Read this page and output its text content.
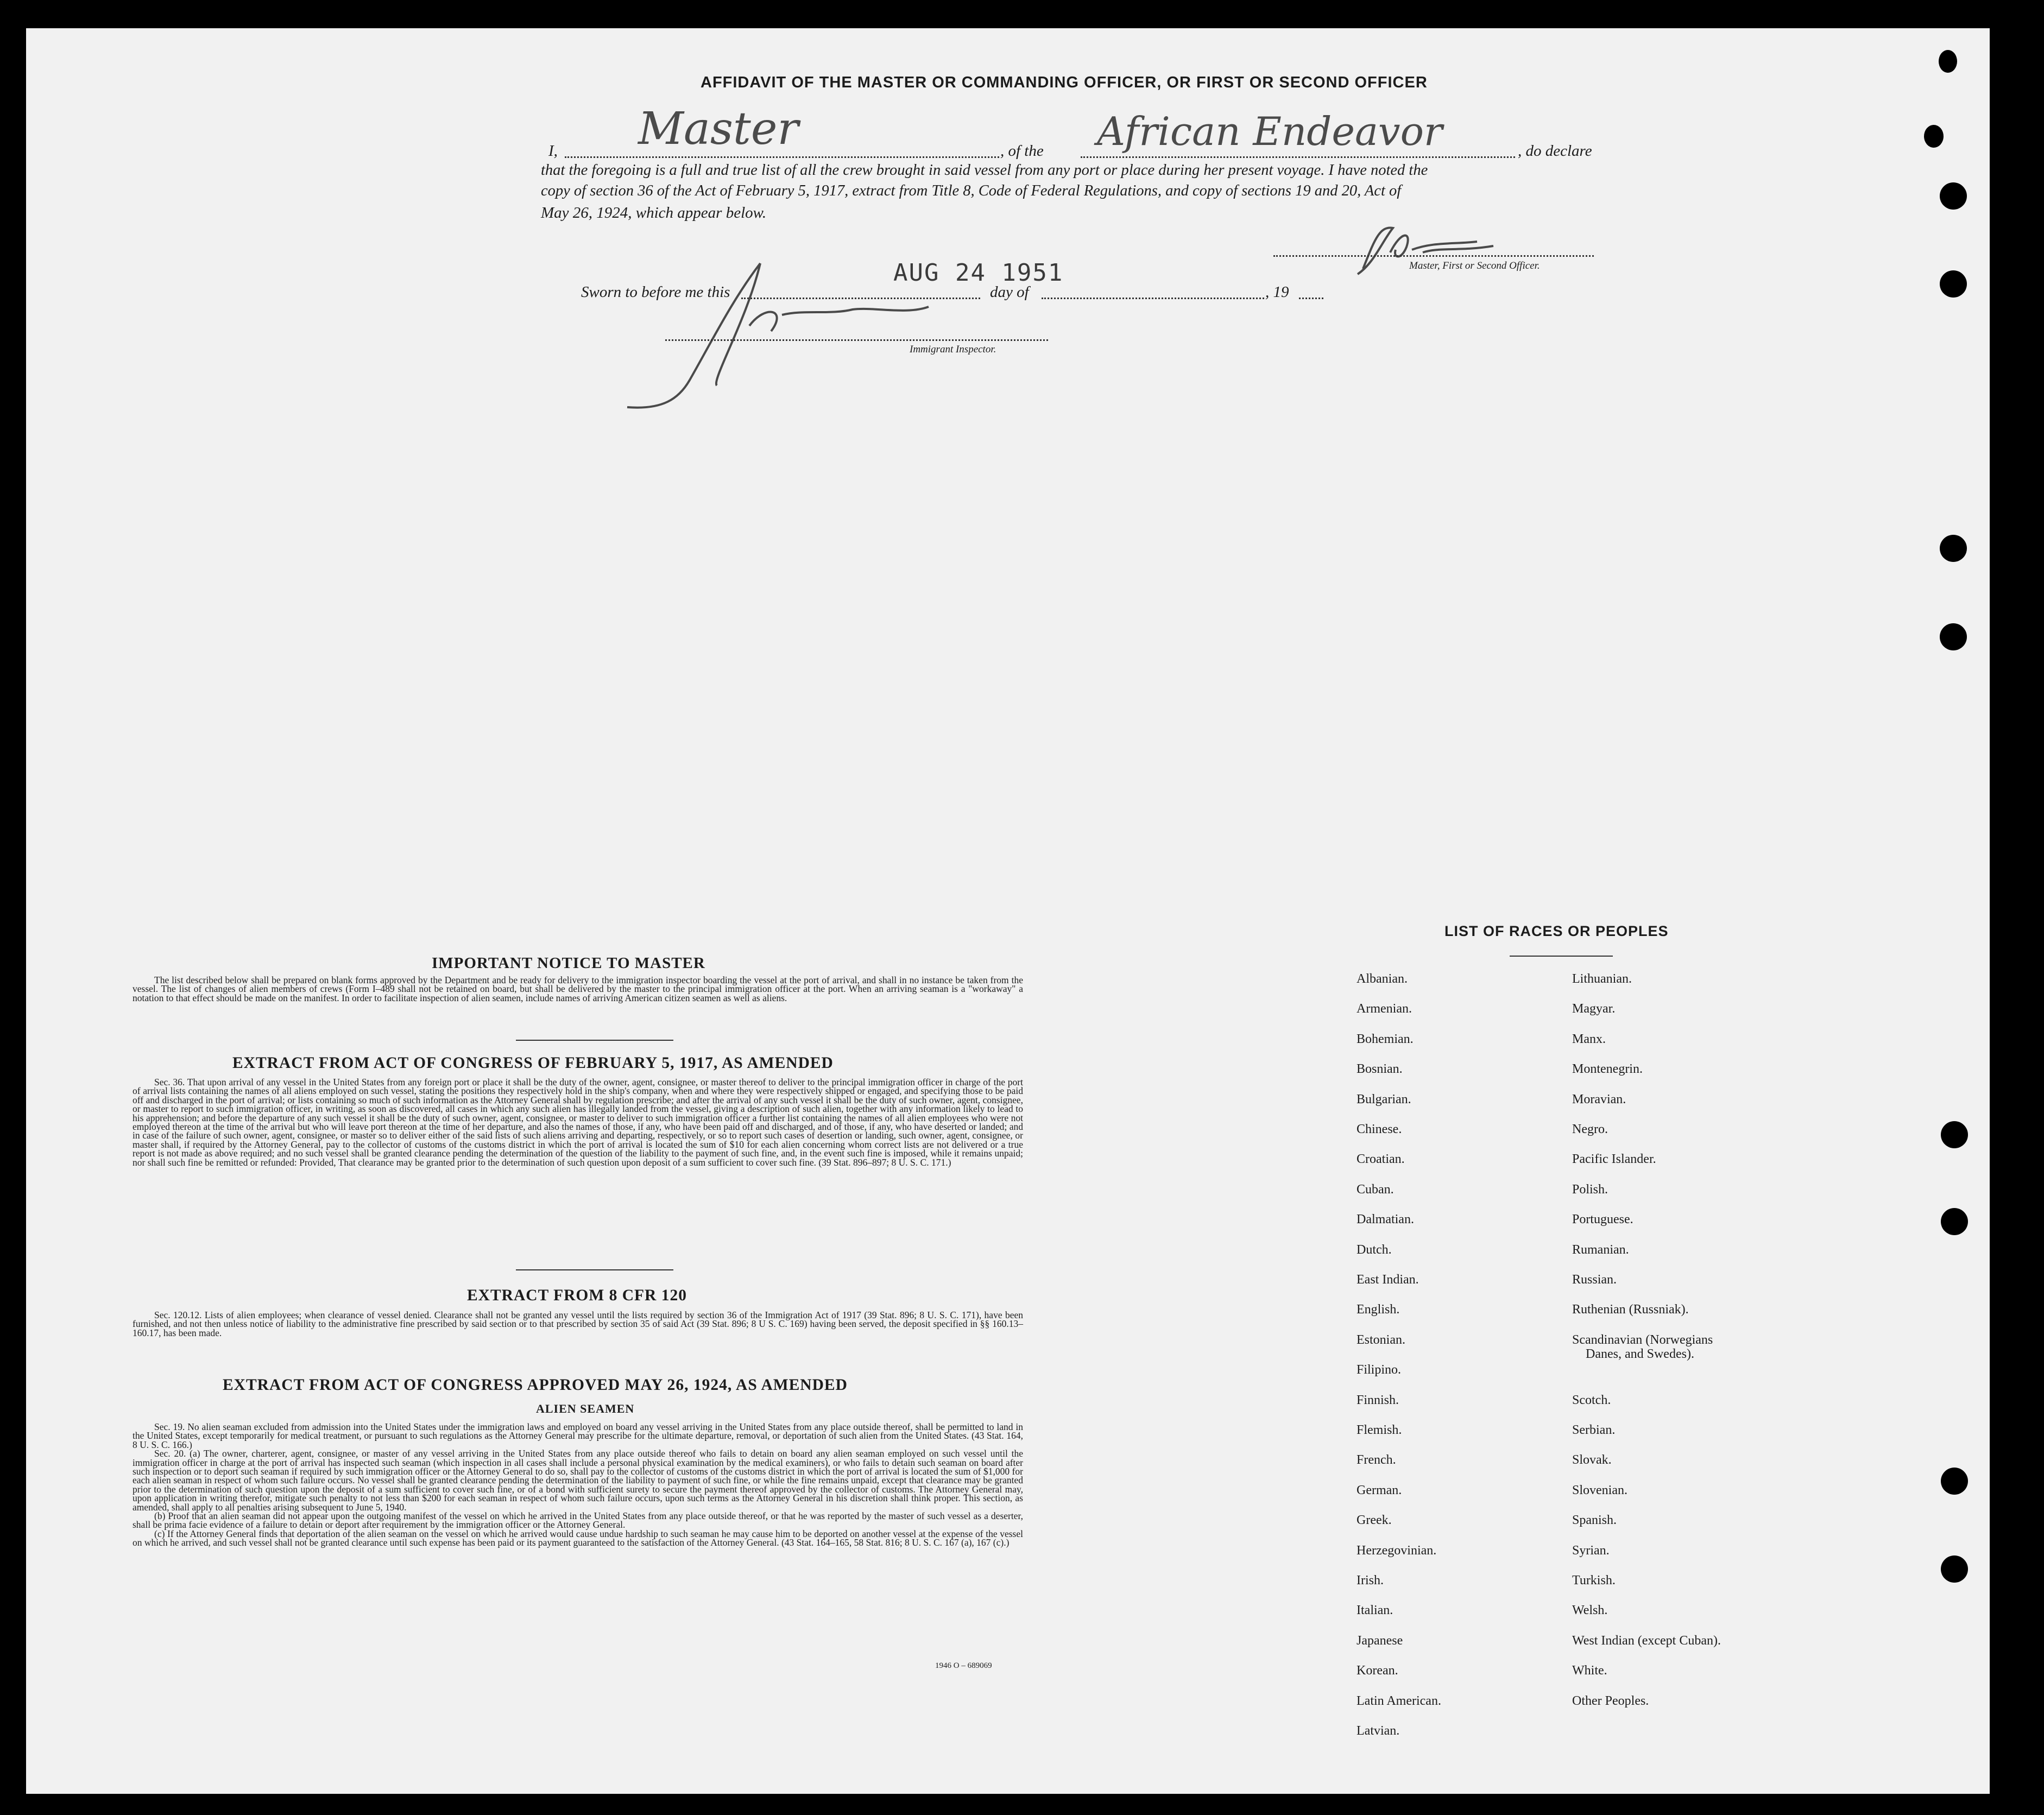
AFFIDAVIT OF THE MASTER OR COMMANDING OFFICER, OR FIRST OR SECOND OFFICER
I, Master	, of the African Endeavor	, do declare
that the foregoing is a full and true list of all the crew brought in said vessel from any port or place during her present voyage. I have noted the
copy of section 36 of the Act of February 5, 1917, extract from Title 8, Code of Federal Regulations, and copy of sections 19 and 20, Act of
May 26, 1924, which appear below.
Master, First or Second Officer.
Sworn to before me this
AUG 24 1951
day of	, 19
Immigrant Inspector.
IMPORTANT NOTICE TO MASTER

The list described below shall be prepared on blank forms approved by the Department and be ready for delivery to the immigration inspector boarding the vessel at the port of arrival, and shall in no instance be taken from the vessel. The list of changes of alien members of crews (Form I–489 shall not be retained on board, but shall be delivered by the master to the principal immigration officer at the port. When an arriving seaman is a "workaway" a notation to that effect should be made on the manifest. In order to facilitate inspection of alien seamen, include names of arriving American citizen seamen as well as aliens.

EXTRACT FROM ACT OF CONGRESS OF FEBRUARY 5, 1917, AS AMENDED

Sec. 36. That upon arrival of any vessel in the United States from any foreign port or place it shall be the duty of the owner, agent, consignee, or master thereof to deliver to the principal immigration officer in charge of the port of arrival lists containing the names of all aliens employed on such vessel, stating the positions they respectively hold in the ship's company, when and where they were respectively shipped or engaged, and specifying those to be paid off and discharged in the port of arrival; or lists containing so much of such information as the Attorney General shall by regulation prescribe; and after the arrival of any such vessel it shall be the duty of such owner, agent, consignee, or master to report to such immigration officer, in writing, as soon as discovered, all cases in which any such alien has illegally landed from the vessel, giving a description of such alien, together with any information likely to lead to his apprehension; and before the departure of any such vessel it shall be the duty of such owner, agent, consignee, or master to deliver to such immigration officer a further list containing the names of all alien employees who were not employed thereon at the time of the arrival but who will leave port thereon at the time of her departure, and also the names of those, if any, who have been paid off and discharged, and of those, if any, who have deserted or landed; and in case of the failure of such owner, agent, consignee, or master so to deliver either of the said lists of such aliens arriving and departing, respectively, or so to report such cases of desertion or landing, such owner, agent, consignee, or master shall, if required by the Attorney General, pay to the collector of customs of the customs district in which the port of arrival is located the sum of $10 for each alien concerning whom correct lists are not delivered or a true report is not made as above required; and no such vessel shall be granted clearance pending the determination of the question of the liability to the payment of such fine, and, in the event such fine is imposed, while it remains unpaid; nor shall such fine be remitted or refunded: Provided, That clearance may be granted prior to the determination of such question upon deposit of a sum sufficient to cover such fine. (39 Stat. 896–897; 8 U. S. C. 171.)

EXTRACT FROM 8 CFR 120

Sec. 120.12. Lists of alien employees; when clearance of vessel denied. Clearance shall not be granted any vessel until the lists required by section 36 of the Immigration Act of 1917 (39 Stat. 896; 8 U. S. C. 171), have been furnished, and not then unless notice of liability to the administrative fine prescribed by said section or to that prescribed by section 35 of said Act (39 Stat. 896; 8 U S. C. 169) having been served, the deposit specified in §§ 160.13–160.17, has been made.

EXTRACT FROM ACT OF CONGRESS APPROVED MAY 26, 1924, AS AMENDED
ALIEN SEAMEN

Sec. 19. No alien seaman excluded from admission into the United States under the immigration laws and employed on board any vessel arriving in the United States from any place outside thereof, shall be permitted to land in the United States, except temporarily for medical treatment, or pursuant to such regulations as the Attorney General may prescribe for the ultimate departure, removal, or deportation of such alien from the United States. (43 Stat. 164, 8 U. S. C. 166.)

Sec. 20. (a) The owner, charterer, agent, consignee, or master of any vessel arriving in the United States from any place outside thereof who fails to detain on board any alien seaman employed on such vessel until the immigration officer in charge at the port of arrival has inspected such seaman (which inspection in all cases shall include a personal physical examination by the medical examiners), or who fails to detain such seaman on board after such inspection or to deport such seaman if required by such immigration officer or the Attorney General to do so, shall pay to the collector of customs of the customs district in which the port of arrival is located the sum of $1,000 for each alien seaman in respect of whom such failure occurs. No vessel shall be granted clearance pending the determination of the liability to payment of such fine, or while the fine remains unpaid, except that clearance may be granted prior to the determination of such question upon the deposit of a sum sufficient to cover such fine, or of a bond with sufficient surety to secure the payment thereof approved by the collector of customs. The Attorney General may, upon application in writing therefor, mitigate such penalty to not less than $200 for each seaman in respect of whom such failure occurs, upon such terms as the Attorney General in his discretion shall think proper. This section, as amended, shall apply to all penalties arising subsequent to June 5, 1940.

(b) Proof that an alien seaman did not appear upon the outgoing manifest of the vessel on which he arrived in the United States from any place outside thereof, or that he was reported by the master of such vessel as a deserter, shall be prima facie evidence of a failure to detain or deport after requirement by the immigration officer or the Attorney General.

(c) If the Attorney General finds that deportation of the alien seaman on the vessel on which he arrived would cause undue hardship to such seaman he may cause him to be deported on another vessel at the expense of the vessel on which he arrived, and such vessel shall not be granted clearance until such expense has been paid or its payment guaranteed to the satisfaction of the Attorney General. (43 Stat. 164–165, 58 Stat. 816; 8 U. S. C. 167 (a), 167 (c).)

1946 O – 689069
LIST OF RACES OR PEOPLES
Albanian.
Armenian.
Bohemian.
Bosnian.
Bulgarian.
Chinese.
Croatian.
Cuban.
Dalmatian.
Dutch.
East Indian.
English.
Estonian.
Filipino.
Finnish.
Flemish.
French.
German.
Greek.
Herzegovinian.
Irish.
Italian.
Japanese
Korean.
Latin American.
Latvian.
Lithuanian.
Magyar.
Manx.
Montenegrin.
Moravian.
Negro.
Pacific Islander.
Polish.
Portuguese.
Rumanian.
Russian.
Ruthenian (Russniak).
Scandinavian (Norwegians
Danes, and Swedes).
Scotch.
Serbian.
Slovak.
Slovenian.
Spanish.
Syrian.
Turkish.
Welsh.
West Indian (except Cuban).
White.
Other Peoples.
